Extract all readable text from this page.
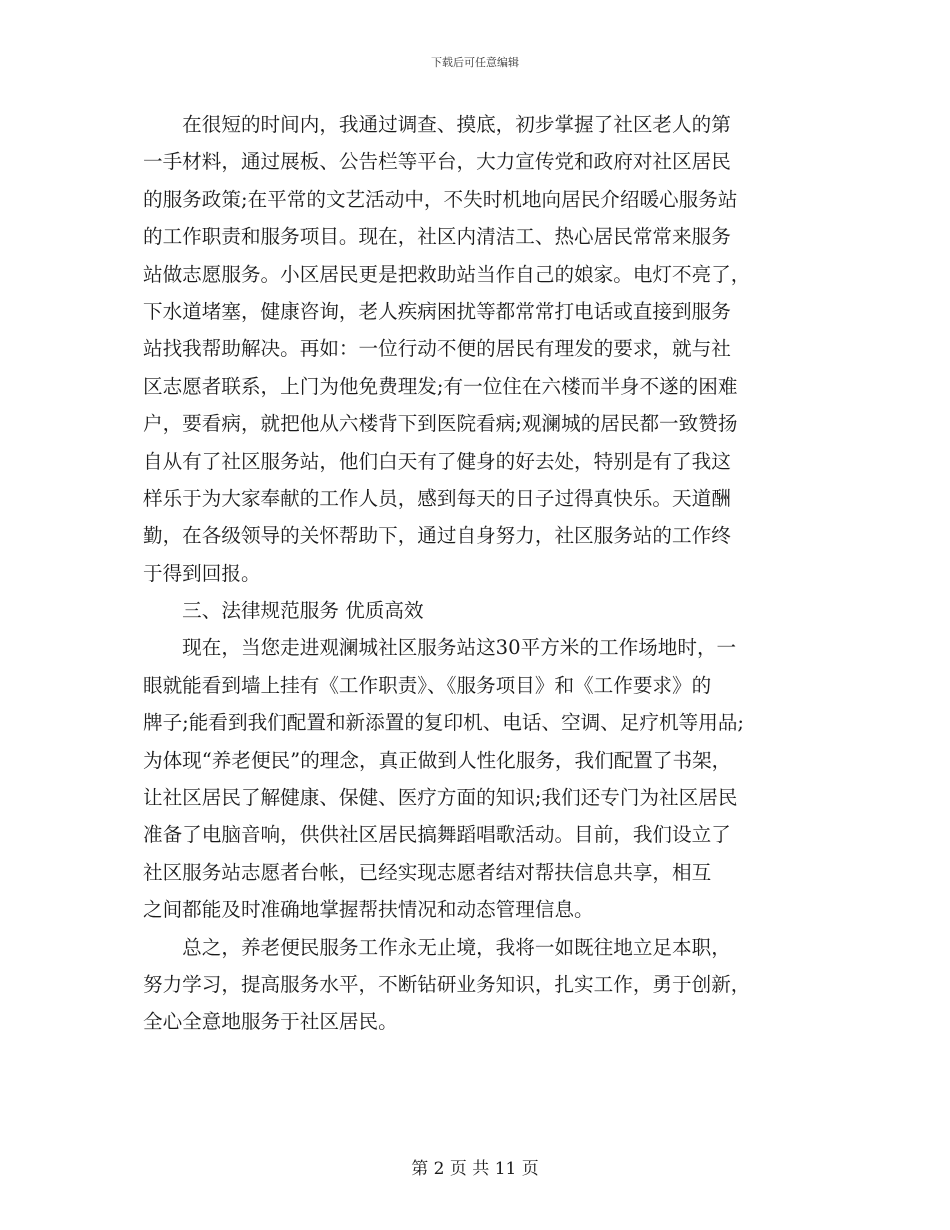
下载后可任意编辑
　　在很短的时间内，我通过调查、摸底，初步掌握了社区老人的第
一手材料，通过展板、公告栏等平台，大力宣传党和政府对社区居民
的服务政策;在平常的文艺活动中，不失时机地向居民介绍暖心服务站
的工作职责和服务项目。现在，社区内清洁工、热心居民常常来服务
站做志愿服务。小区居民更是把救助站当作自己的娘家。电灯不亮了，
下水道堵塞，健康咨询，老人疾病困扰等都常常打电话或直接到服务
站找我帮助解决。再如：一位行动不便的居民有理发的要求，就与社
区志愿者联系，上门为他免费理发;有一位住在六楼而半身不遂的困难
户，要看病，就把他从六楼背下到医院看病;观澜城的居民都一致赞扬
自从有了社区服务站，他们白天有了健身的好去处，特别是有了我这
样乐于为大家奉献的工作人员，感到每天的日子过得真快乐。天道酬
勤，在各级领导的关怀帮助下，通过自身努力，社区服务站的工作终
于得到回报。
　　三、法律规范服务 优质高效
　　现在，当您走进观澜城社区服务站这30平方米的工作场地时，一
眼就能看到墙上挂有《工作职责》、《服务项目》和《工作要求》的
牌子;能看到我们配置和新添置的复印机、电话、空调、足疗机等用品;
为体现“养老便民”的理念，真正做到人性化服务，我们配置了书架，
让社区居民了解健康、保健、医疗方面的知识;我们还专门为社区居民
准备了电脑音响，供供社区居民搞舞蹈唱歌活动。目前，我们设立了
社区服务站志愿者台帐，已经实现志愿者结对帮扶信息共享，相互
之间都能及时准确地掌握帮扶情况和动态管理信息。
　　总之，养老便民服务工作永无止境，我将一如既往地立足本职，
努力学习，提高服务水平，不断钻研业务知识，扎实工作，勇于创新，
全心全意地服务于社区居民。
第 2 页 共 11 页
